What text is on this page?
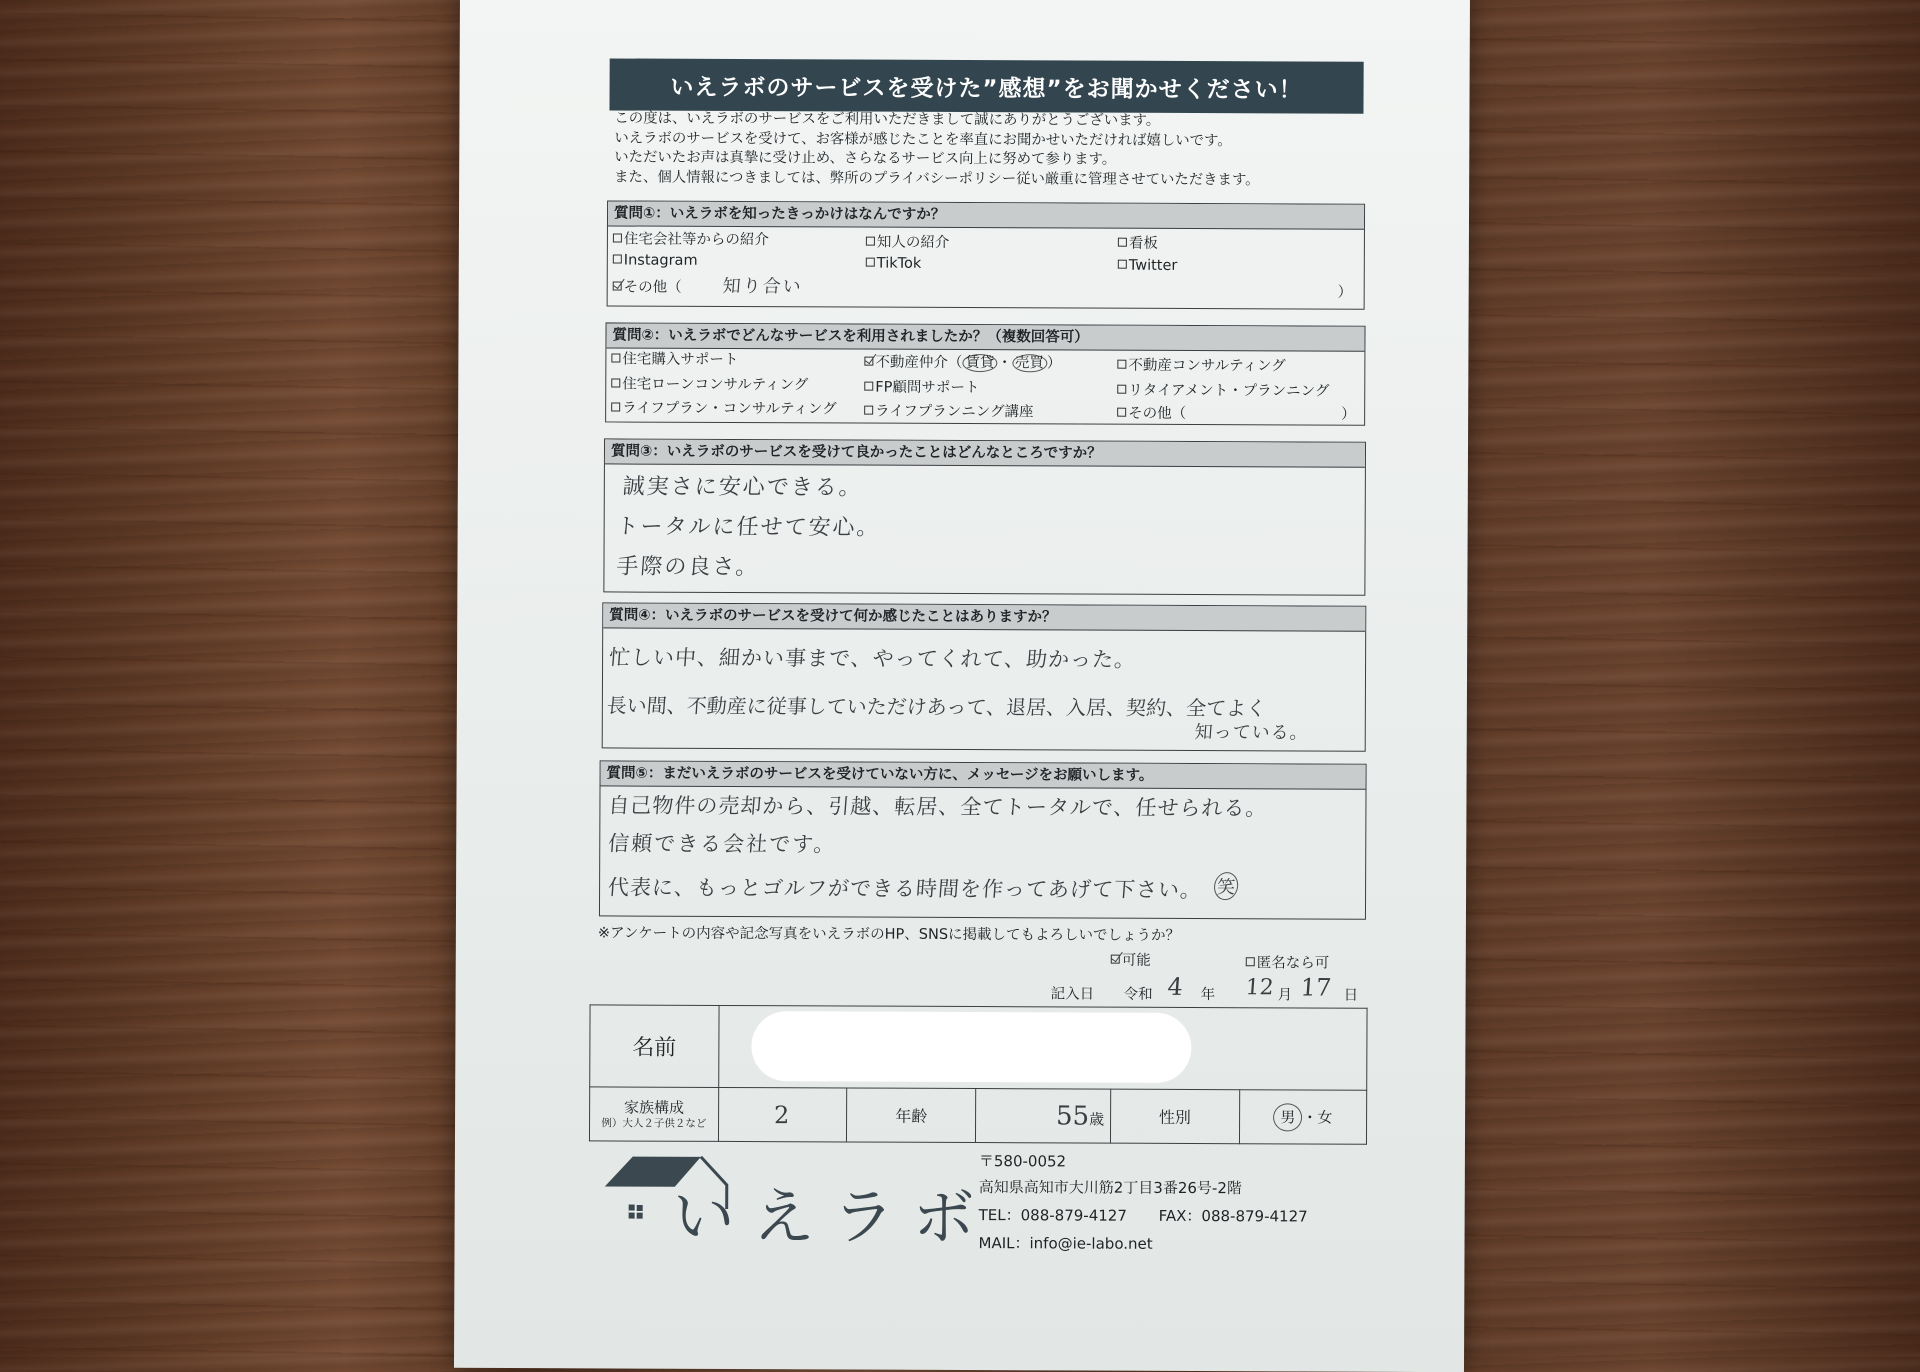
いえラボのサービスを受けた”感想”をお聞かせください！
この度は、いえラボのサービスをご利用いただきまして誠にありがとうございます。
いえラボのサービスを受けて、お客様が感じたことを率直にお聞かせいただければ嬉しいです。
いただいたお声は真摯に受け止め、さらなるサービス向上に努めて参ります。
また、個人情報につきましては、弊所のプライバシーポリシー従い厳重に管理させていただきます。
質問①：いえラボを知ったきっかけはなんですか？
住宅会社等からの紹介	知人の紹介	看板
Instagram	TikTok	Twitter
その他（ 知り合い	）
質問②：いえラボでどんなサービスを利用されましたか？（複数回答可）
住宅購入サポート	不動産仲介（ 賃貸 ・ 売買 ）	不動産コンサルティング
住宅ローンコンサルティング	FP顧問サポート	リタイアメント・プランニング
ライフプラン・コンサルティング	ライフプランニング講座	その他（	）
質問③：いえラボのサービスを受けて良かったことはどんなところですか？
誠実さに安心できる。
トータルに任せて安心。
手際の良さ。
質問④：いえラボのサービスを受けて何か感じたことはありますか？
忙しい中、細かい事まで、やってくれて、助かった。
長い間、不動産に従事していただけあって、退居、入居、契約、全てよく
知っている。
質問⑤：まだいえラボのサービスを受けていない方に、メッセージをお願いします。
自己物件の売却から、引越、転居、全てトータルで、任せられる。
信頼できる会社です。
代表に、もっとゴルフができる時間を作ってあげて下さい。 笑
※アンケートの内容や記念写真をいえラボのHP、SNSに掲載してもよろしいでしょうか？
可能	匿名なら可
記入日 令和 4 年 12 月 17 日
名前					

家族構成
例）大人２子供２など	2	年齢	55歳	性別	男 ・女
いえラボ
〒580-0052
高知県高知市大川筋2丁目3番26号-2階
TEL：088-879-4127 FAX：088-879-4127
MAIL：info@ie-labo.net
